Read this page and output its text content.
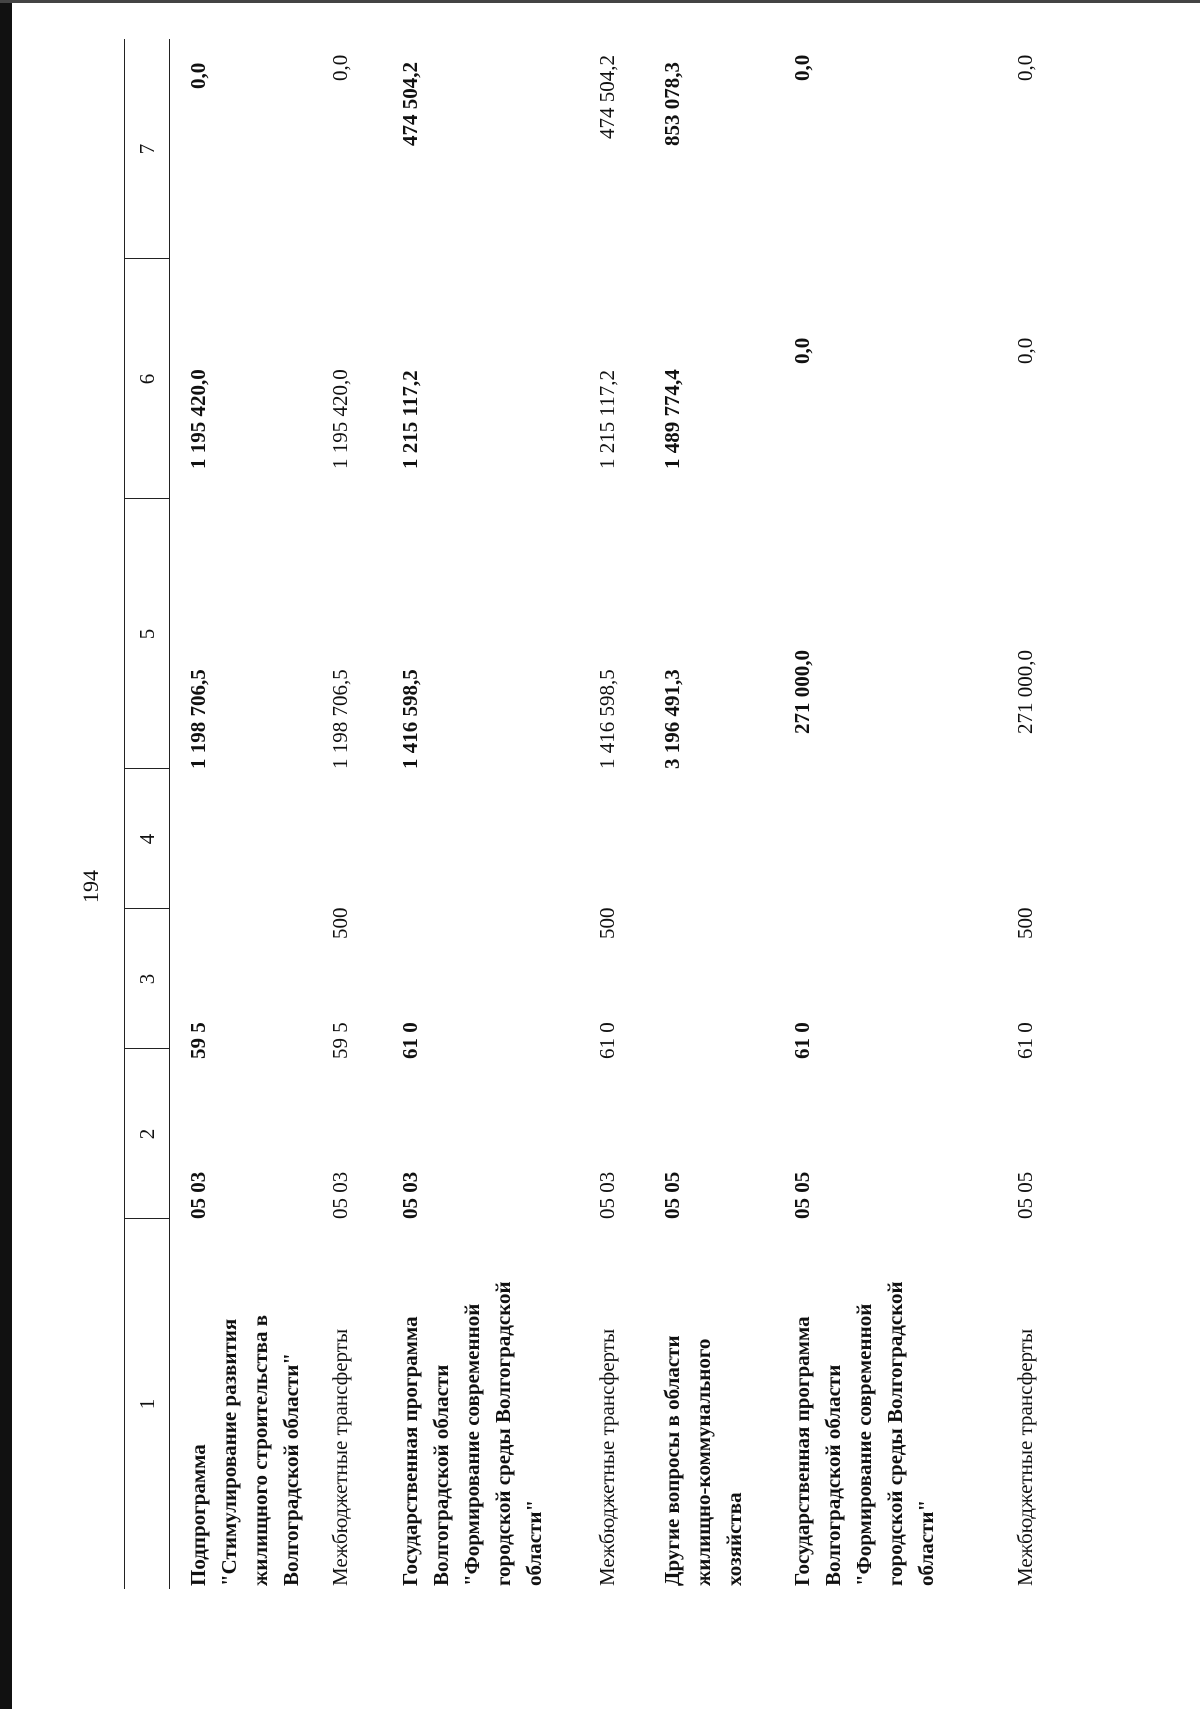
194
1
2
3
4
5
6
7
Подпрограмма "Стимулирование развития жилищного строительства в Волгоградской области"
05 03
59 5
1 198 706,5
1 195 420,0
0,0
Межбюджетные трансферты
05 03
59 5
500
1 198 706,5
1 195 420,0
0,0
Государственная программа Волгоградской области "Формирование современной городской среды Волгоградской области"
05 03
61 0
1 416 598,5
1 215 117,2
474 504,2
Межбюджетные трансферты
05 03
61 0
500
1 416 598,5
1 215 117,2
474 504,2
Другие вопросы в области жилищно-коммунального хозяйства
05 05
3 196 491,3
1 489 774,4
853 078,3
Государственная программа Волгоградской области "Формирование современной городской среды Волгоградской области"
05 05
61 0
271 000,0
0,0
0,0
Межбюджетные трансферты
05 05
61 0
500
271 000,0
0,0
0,0
